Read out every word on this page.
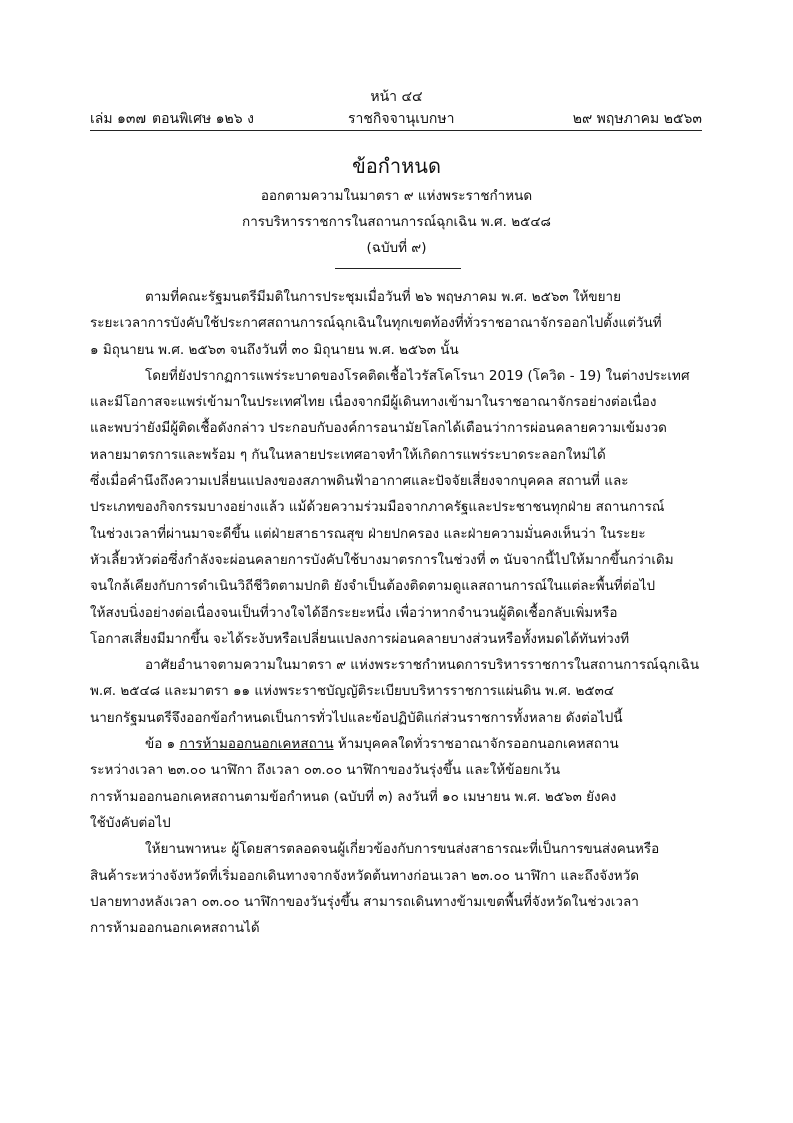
หน้า ๔๔
เล่ม ๑๓๗ ตอนพิเศษ ๑๒๖ ง	ราชกิจจานุเบกษา	๒๙ พฤษภาคม ๒๕๖๓
ข้อกำหนด
ออกตามความในมาตรา ๙ แห่งพระราชกำหนด
การบริหารราชการในสถานการณ์ฉุกเฉิน พ.ศ. ๒๕๔๘
(ฉบับที่ ๙)
ตามที่คณะรัฐมนตรีมีมติในการประชุมเมื่อวันที่ ๒๖ พฤษภาคม พ.ศ. ๒๕๖๓ ให้ขยาย
ระยะเวลาการบังคับใช้ประกาศสถานการณ์ฉุกเฉินในทุกเขตท้องที่ทั่วราชอาณาจักรออกไปตั้งแต่วันที่
๑ มิถุนายน พ.ศ. ๒๕๖๓ จนถึงวันที่ ๓๐ มิถุนายน พ.ศ. ๒๕๖๓ นั้น
โดยที่ยังปรากฏการแพร่ระบาดของโรคติดเชื้อไวรัสโคโรนา 2019 (โควิด - 19) ในต่างประเทศ
และมีโอกาสจะแพร่เข้ามาในประเทศไทย เนื่องจากมีผู้เดินทางเข้ามาในราชอาณาจักรอย่างต่อเนื่อง
และพบว่ายังมีผู้ติดเชื้อดังกล่าว ประกอบกับองค์การอนามัยโลกได้เตือนว่าการผ่อนคลายความเข้มงวด
หลายมาตรการและพร้อม ๆ กันในหลายประเทศอาจทำให้เกิดการแพร่ระบาดระลอกใหม่ได้
ซึ่งเมื่อคำนึงถึงความเปลี่ยนแปลงของสภาพดินฟ้าอากาศและปัจจัยเสี่ยงจากบุคคล สถานที่ และ
ประเภทของกิจกรรมบางอย่างแล้ว แม้ด้วยความร่วมมือจากภาครัฐและประชาชนทุกฝ่าย สถานการณ์
ในช่วงเวลาที่ผ่านมาจะดีขึ้น แต่ฝ่ายสาธารณสุข ฝ่ายปกครอง และฝ่ายความมั่นคงเห็นว่า ในระยะ
หัวเลี้ยวหัวต่อซึ่งกำลังจะผ่อนคลายการบังคับใช้บางมาตรการในช่วงที่ ๓ นับจากนี้ไปให้มากขึ้นกว่าเดิม
จนใกล้เคียงกับการดำเนินวิถีชีวิตตามปกติ ยังจำเป็นต้องติดตามดูแลสถานการณ์ในแต่ละพื้นที่ต่อไป
ให้สงบนิ่งอย่างต่อเนื่องจนเป็นที่วางใจได้อีกระยะหนึ่ง เพื่อว่าหากจำนวนผู้ติดเชื้อกลับเพิ่มหรือ
โอกาสเสี่ยงมีมากขึ้น จะได้ระงับหรือเปลี่ยนแปลงการผ่อนคลายบางส่วนหรือทั้งหมดได้ทันท่วงที
อาศัยอำนาจตามความในมาตรา ๙ แห่งพระราชกำหนดการบริหารราชการในสถานการณ์ฉุกเฉิน
พ.ศ. ๒๕๔๘ และมาตรา ๑๑ แห่งพระราชบัญญัติระเบียบบริหารราชการแผ่นดิน พ.ศ. ๒๕๓๔
นายกรัฐมนตรีจึงออกข้อกำหนดเป็นการทั่วไปและข้อปฏิบัติแก่ส่วนราชการทั้งหลาย ดังต่อไปนี้
ข้อ ๑ การห้ามออกนอกเคหสถาน ห้ามบุคคลใดทั่วราชอาณาจักรออกนอกเคหสถาน
ระหว่างเวลา ๒๓.๐๐ นาฬิกา ถึงเวลา ๐๓.๐๐ นาฬิกาของวันรุ่งขึ้น และให้ข้อยกเว้น
การห้ามออกนอกเคหสถานตามข้อกำหนด (ฉบับที่ ๓) ลงวันที่ ๑๐ เมษายน พ.ศ. ๒๕๖๓ ยังคง
ใช้บังคับต่อไป
ให้ยานพาหนะ ผู้โดยสารตลอดจนผู้เกี่ยวข้องกับการขนส่งสาธารณะที่เป็นการขนส่งคนหรือ
สินค้าระหว่างจังหวัดที่เริ่มออกเดินทางจากจังหวัดต้นทางก่อนเวลา ๒๓.๐๐ นาฬิกา และถึงจังหวัด
ปลายทางหลังเวลา ๐๓.๐๐ นาฬิกาของวันรุ่งขึ้น สามารถเดินทางข้ามเขตพื้นที่จังหวัดในช่วงเวลา
การห้ามออกนอกเคหสถานได้
